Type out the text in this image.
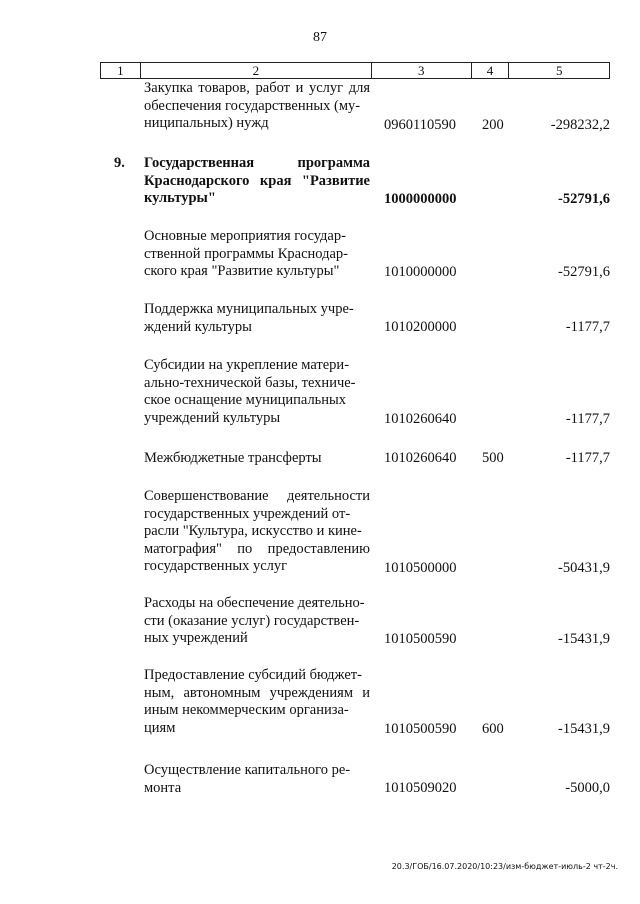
87
1	2	3	4	5
Закупка товаров, работ и услуг для обеспечения государственных (му-
ниципальных) нужд	0960110590 200	-298232,2
9. Государственная программа Краснодарского края "Развитие культуры"	1000000000	-52791,6
Основные мероприятия государ-
ственной программы Краснодар-
ского края "Развитие культуры"	1010000000	-52791,6
Поддержка муниципальных учре-
ждений культуры	1010200000	-1177,7
Субсидии на укрепление матери-
ально-технической базы, техниче-
ское оснащение муниципальных
учреждений культуры	1010260640	-1177,7
Межбюджетные трансферты	1010260640 500	-1177,7
Совершенствование деятельности государственных учреждений от-
расли "Культура, искусство и кине-
матография" по предоставлению государственных услуг	1010500000	-50431,9
Расходы на обеспечение деятельно-
сти (оказание услуг) государствен-
ных учреждений	1010500590	-15431,9
Предоставление субсидий бюджет-
ным, автономным учреждениям и иным некоммерческим организа-
циям	1010500590 600	-15431,9
Осуществление капитального ре-
монта	1010509020	-5000,0
20.3/ГОБ/16.07.2020/10:23/изм-бюджет-июль-2 чт-2ч.
